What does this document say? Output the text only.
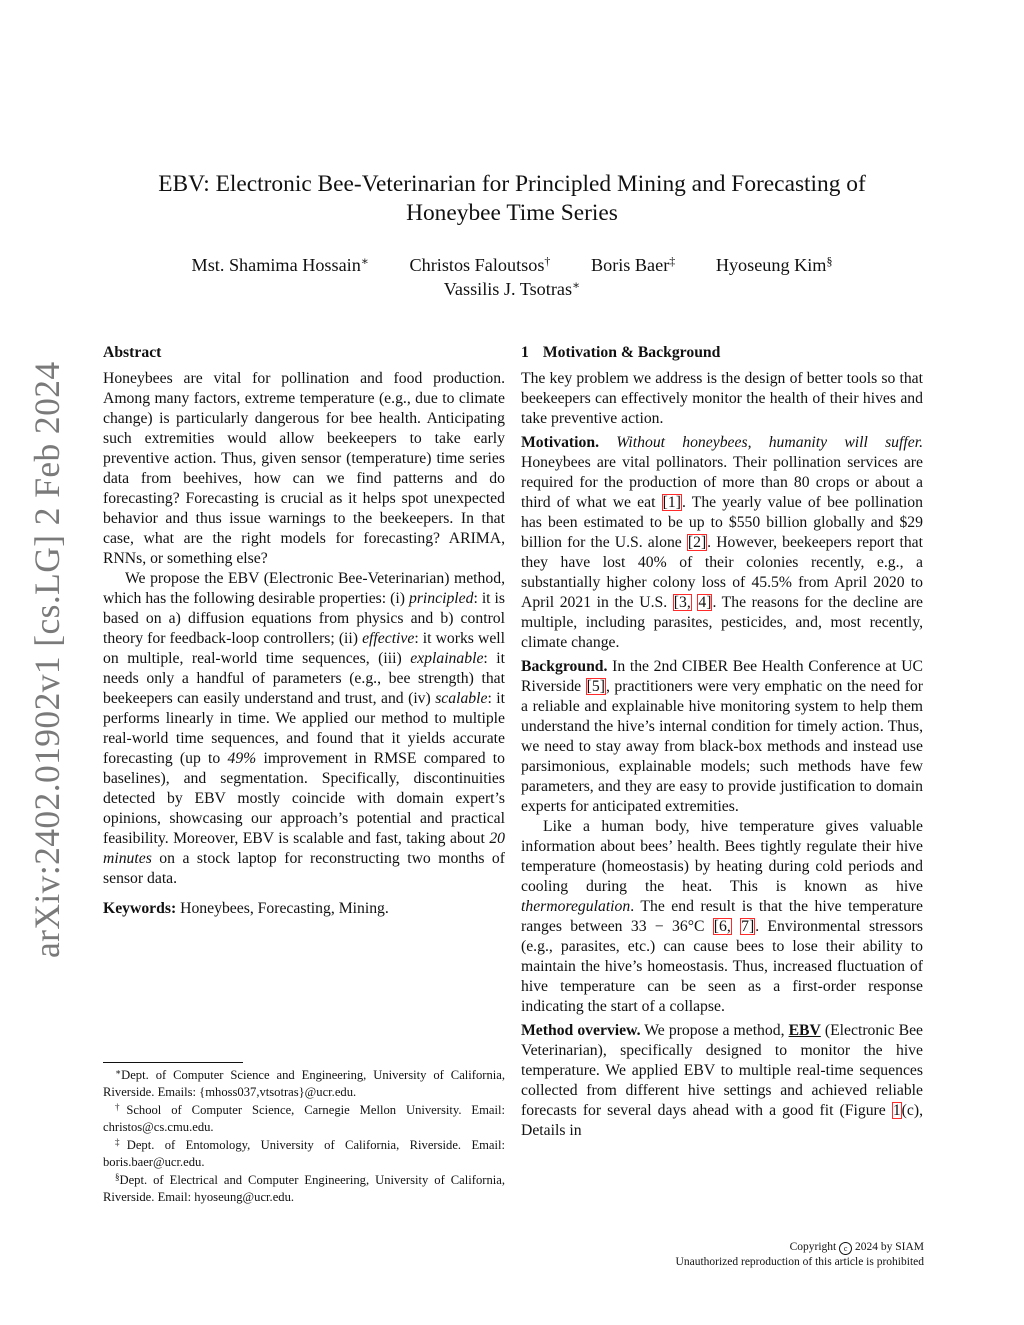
arXiv:2402.01902v1 [cs.LG] 2 Feb 2024
EBV: Electronic Bee-Veterinarian for Principled Mining and Forecasting of
Honeybee Time Series
Mst. Shamima Hossain∗ Christos Faloutsos† Boris Baer‡ Hyoseung Kim§
Vassilis J. Tsotras∗
Abstract

Honeybees are vital for pollination and food production. Among many factors, extreme temperature (e.g., due to climate change) is particularly dangerous for bee health. Anticipating such extremities would allow beekeepers to take early preventive action. Thus, given sensor (temperature) time series data from beehives, how can we find patterns and do forecasting? Forecasting is crucial as it helps spot unexpected behavior and thus issue warnings to the beekeepers. In that case, what are the right models for forecasting? ARIMA, RNNs, or something else?

We propose the EBV (Electronic Bee-Veterinarian) method, which has the following desirable properties: (i) principled: it is based on a) diffusion equations from physics and b) control theory for feedback-loop controllers; (ii) effective: it works well on multiple, real-world time sequences, (iii) explainable: it needs only a handful of parameters (e.g., bee strength) that beekeepers can easily understand and trust, and (iv) scalable: it performs linearly in time. We applied our method to multiple real-world time sequences, and found that it yields accurate forecasting (up to 49% improvement in RMSE compared to baselines), and segmentation. Specifically, discontinuities detected by EBV mostly coincide with domain expert’s opinions, showcasing our approach’s potential and practical feasibility. Moreover, EBV is scalable and fast, taking about 20 minutes on a stock laptop for reconstructing two months of sensor data.

Keywords: Honeybees, Forecasting, Mining.

∗Dept. of Computer Science and Engineering, University of California, Riverside. Emails: {mhoss037,vtsotras}@ucr.edu.

†School of Computer Science, Carnegie Mellon University. Email: christos@cs.cmu.edu.

‡Dept. of Entomology, University of California, Riverside. Email: boris.baer@ucr.edu.

§Dept. of Electrical and Computer Engineering, University of California, Riverside. Email: hyoseung@ucr.edu.

1 Motivation & Background

The key problem we address is the design of better tools so that beekeepers can effectively monitor the health of their hives and take preventive action.

Motivation. Without honeybees, humanity will suffer. Honeybees are vital pollinators. Their pollination services are required for the production of more than 80 crops or about a third of what we eat [1]. The yearly value of bee pollination has been estimated to be up to $550 billion globally and $29 billion for the U.S. alone [2]. However, beekeepers report that they have lost 40% of their colonies recently, e.g., a substantially higher colony loss of 45.5% from April 2020 to April 2021 in the U.S. [3, 4]. The reasons for the decline are multiple, including parasites, pesticides, and, most recently, climate change.

Background. In the 2nd CIBER Bee Health Conference at UC Riverside [5], practitioners were very emphatic on the need for a reliable and explainable hive monitoring system to help them understand the hive’s internal condition for timely action. Thus, we need to stay away from black-box methods and instead use parsimonious, explainable models; such methods have few parameters, and they are easy to provide justification to domain experts for anticipated extremities.

Like a human body, hive temperature gives valuable information about bees’ health. Bees tightly regulate their hive temperature (homeostasis) by heating during cold periods and cooling during the heat. This is known as hive thermoregulation. The end result is that the hive temperature ranges between 33 − 36°C [6, 7]. Environmental stressors (e.g., parasites, etc.) can cause bees to lose their ability to maintain the hive’s homeostasis. Thus, increased fluctuation of hive temperature can be seen as a first-order response indicating the start of a collapse.

Method overview. We propose a method, EBV (Electronic Bee Veterinarian), specifically designed to monitor the hive temperature. We applied EBV to multiple real-time sequences collected from different hive settings and achieved reliable forecasts for several days ahead with a good fit (Figure 1(c), Details in

Copyright c 2024 by SIAM
Unauthorized reproduction of this article is prohibited
